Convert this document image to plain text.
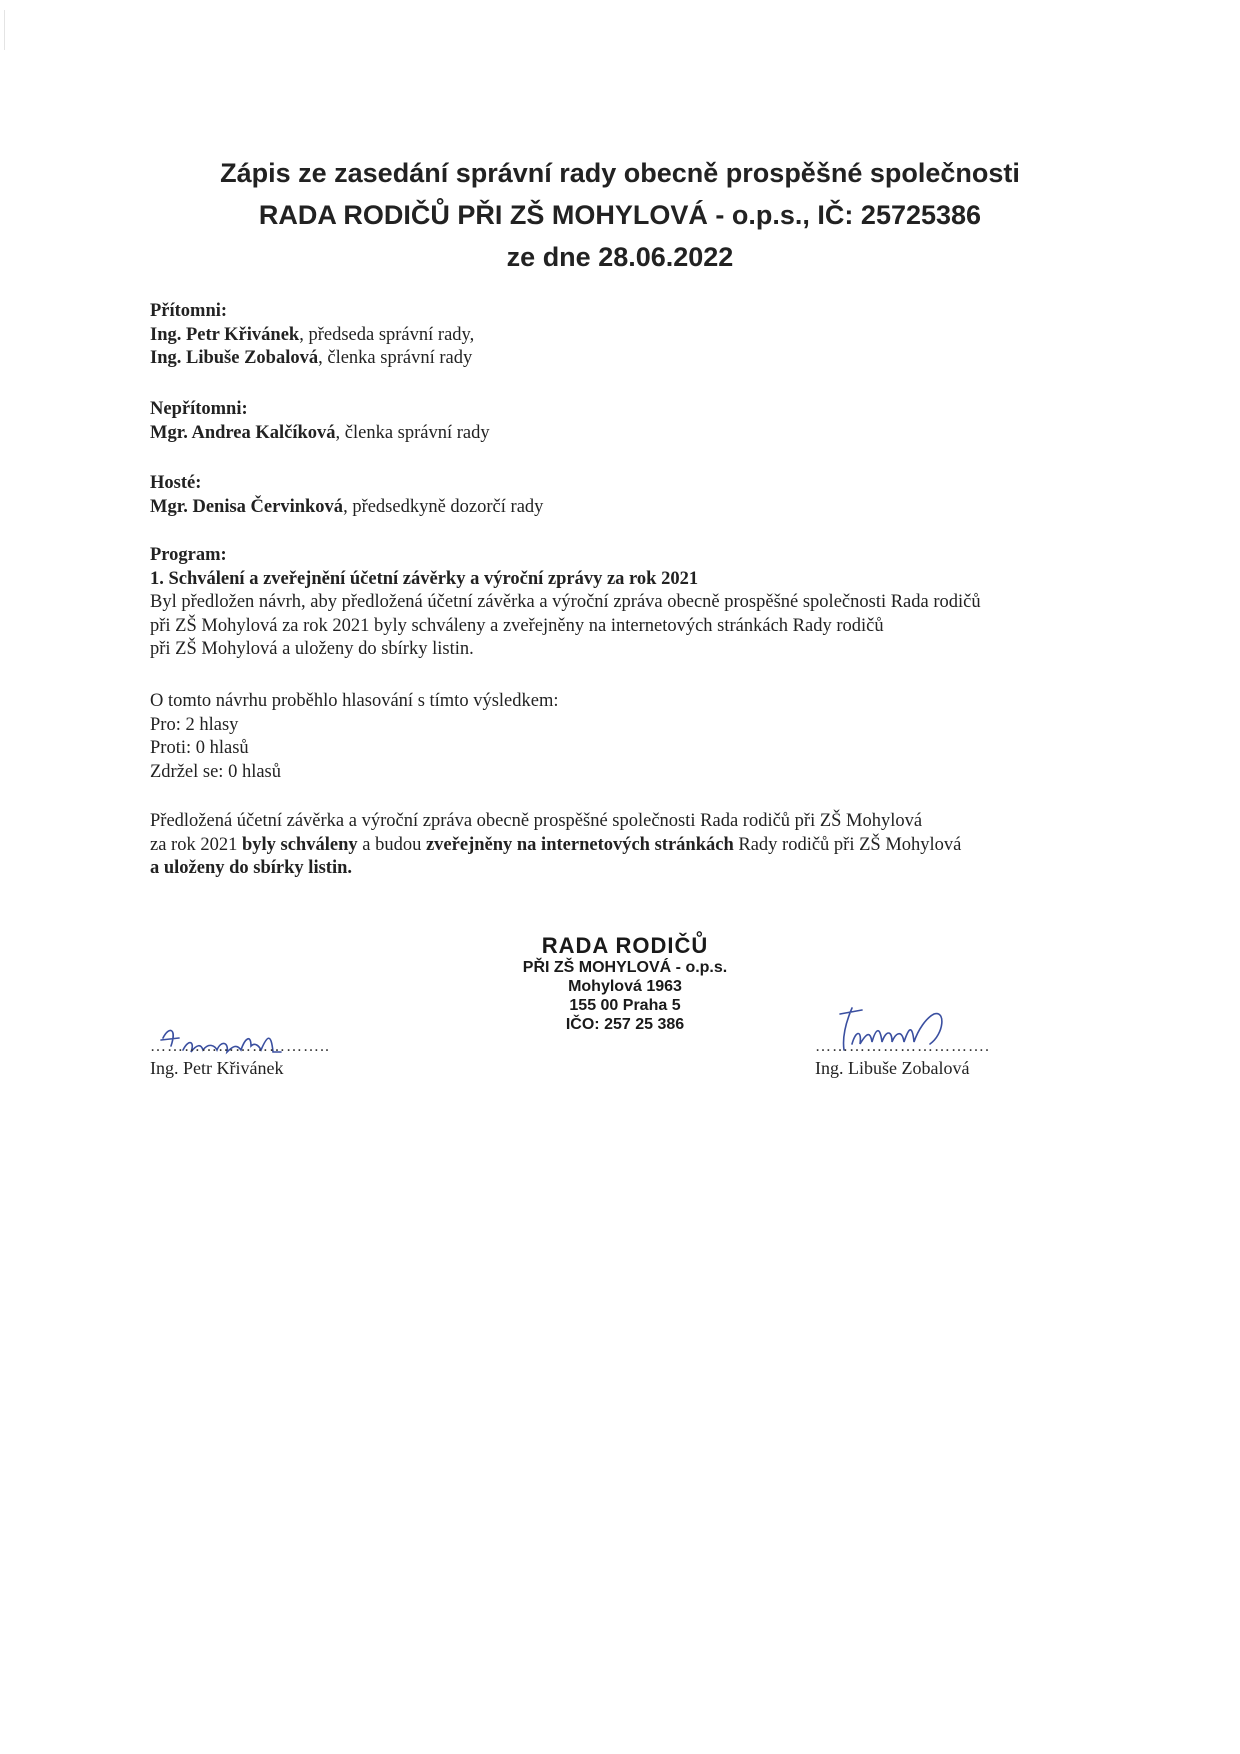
Zápis ze zasedání správní rady obecně prospěšné společnosti
RADA RODIČŮ PŘI ZŠ MOHYLOVÁ - o.p.s., IČ: 25725386
ze dne 28.06.2022

Přítomni:

Ing. Petr Křivánek, předseda správní rady,

Ing. Libuše Zobalová, členka správní rady

Nepřítomni:

Mgr. Andrea Kalčíková, členka správní rady

Hosté:

Mgr. Denisa Červinková, předsedkyně dozorčí rady

Program:

1. Schválení a zveřejnění účetní závěrky a výroční zprávy za rok 2021

Byl předložen návrh, aby předložená účetní závěrka a výroční zpráva obecně prospěšné společnosti Rada rodičů

při ZŠ Mohylová za rok 2021 byly schváleny a zveřejněny na internetových stránkách Rady rodičů

při ZŠ Mohylová a uloženy do sbírky listin.

O tomto návrhu proběhlo hlasování s tímto výsledkem:

Pro: 2 hlasy

Proti: 0 hlasů

Zdržel se: 0 hlasů

Předložená účetní závěrka a výroční zpráva obecně prospěšné společnosti Rada rodičů při ZŠ Mohylová

za rok 2021 byly schváleny a budou zveřejněny na internetových stránkách Rady rodičů při ZŠ Mohylová

a uloženy do sbírky listin.

RADA RODIČŮ
PŘI ZŠ MOHYLOVÁ - o.p.s.
Mohylová 1963
155 00 Praha 5
IČO: 257 25 386
…………………………..
Ing. Petr Křivánek
………………………….
Ing. Libuše Zobalová
